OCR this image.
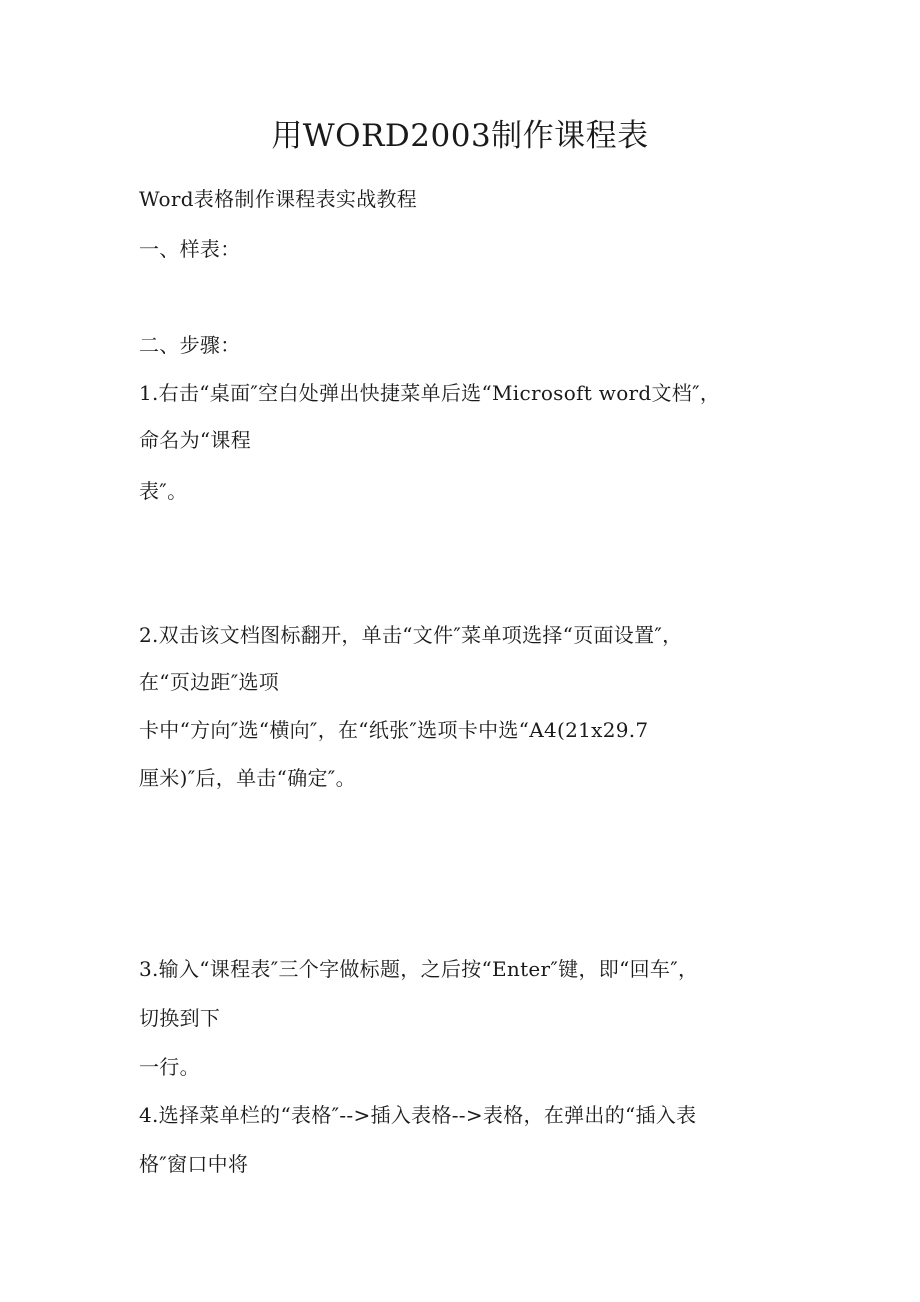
用WORD2003制作课程表
Word表格制作课程表实战教程
一、样表：
二、步骤：
1.右击“桌面″空白处弹出快捷菜单后选“Microsoft word文档″，
命名为“课程
表″。
2.双击该文档图标翻开，单击“文件″菜单项选择“页面设置″，
在“页边距″选项
卡中“方向″选“横向″，在“纸张″选项卡中选“A4(21ⅹ29.7
厘米)″后，单击“确定″。
3.输入“课程表″三个字做标题，之后按“Enter″键，即“回车″，
切换到下
一行。
4.选择菜单栏的“表格″-->插入表格-->表格，在弹出的“插入表
格″窗口中将
